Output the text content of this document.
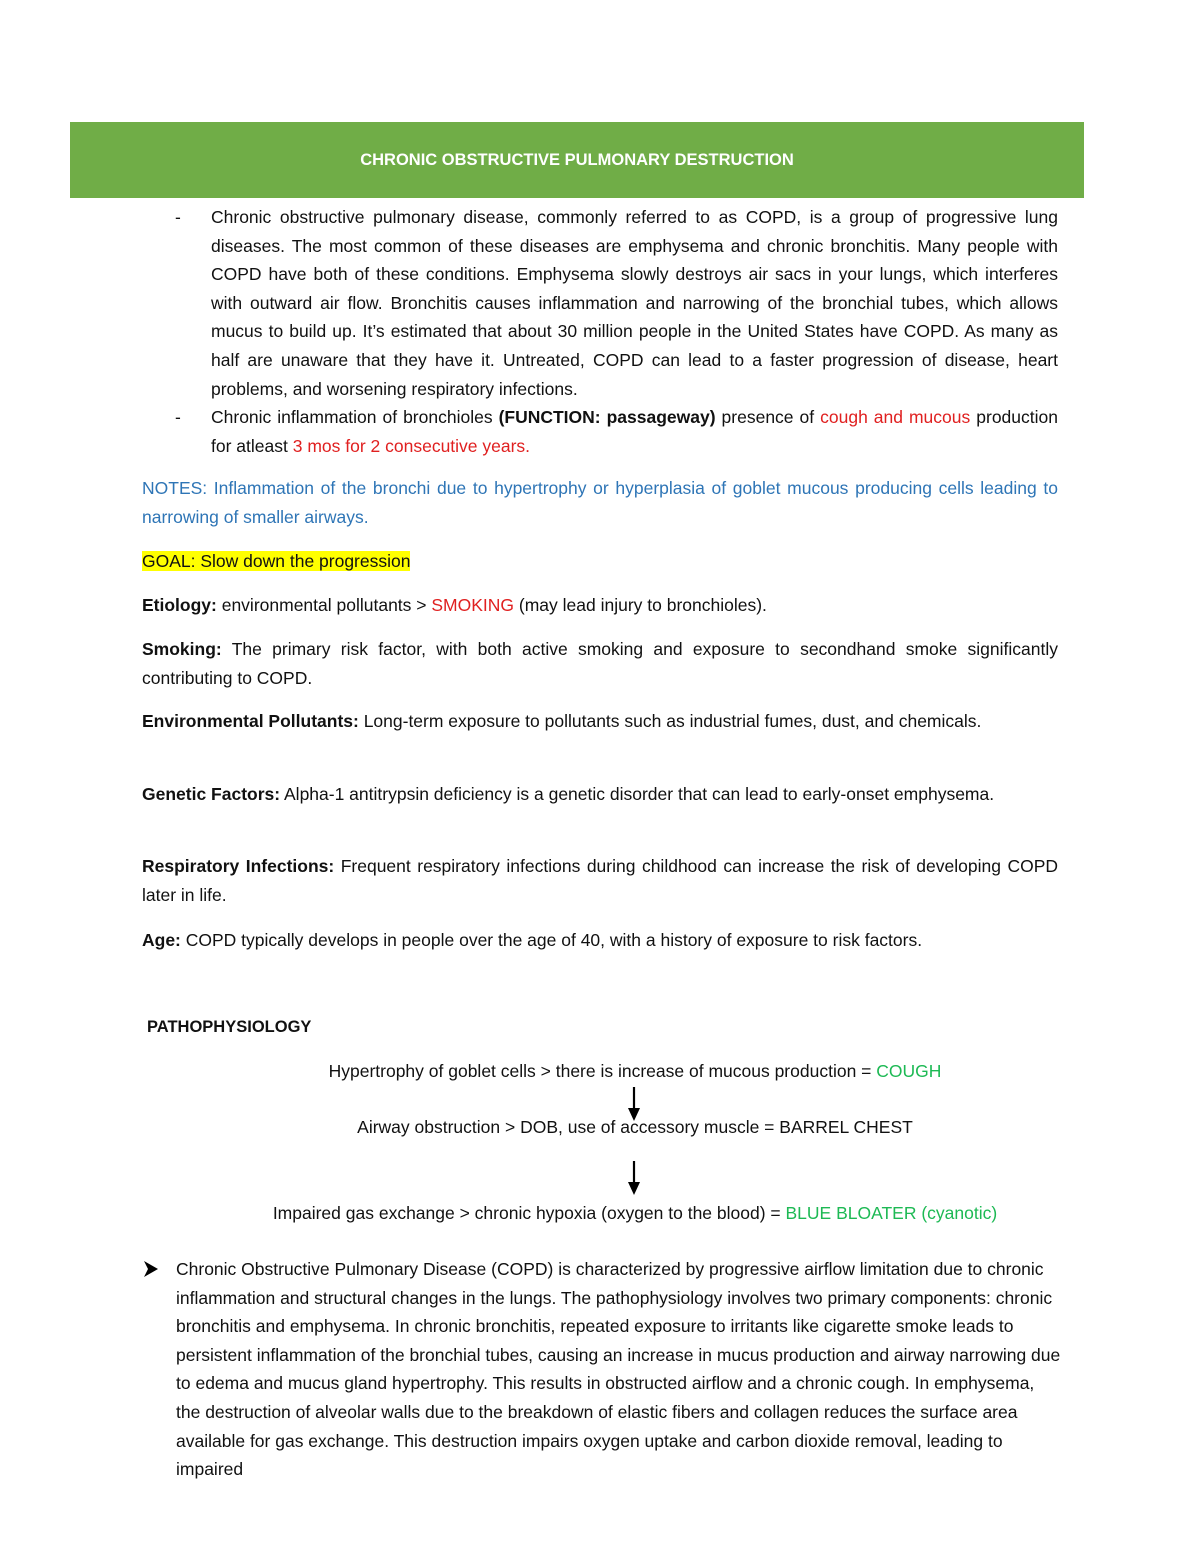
CHRONIC OBSTRUCTIVE PULMONARY DESTRUCTION
- Chronic obstructive pulmonary disease, commonly referred to as COPD, is a group of progressive lung diseases. The most common of these diseases are emphysema and chronic bronchitis. Many people with COPD have both of these conditions. Emphysema slowly destroys air sacs in your lungs, which interferes with outward air flow. Bronchitis causes inflammation and narrowing of the bronchial tubes, which allows mucus to build up. It’s estimated that about 30 million people in the United States have COPD. As many as half are unaware that they have it. Untreated, COPD can lead to a faster progression of disease, heart problems, and worsening respiratory infections.
- Chronic inflammation of bronchioles (FUNCTION: passageway) presence of cough and mucous production for atleast 3 mos for 2 consecutive years.

NOTES: Inflammation of the bronchi due to hypertrophy or hyperplasia of goblet mucous producing cells leading to narrowing of smaller airways.

GOAL: Slow down the progression

Etiology: environmental pollutants > SMOKING (may lead injury to bronchioles).

Smoking: The primary risk factor, with both active smoking and exposure to secondhand smoke significantly contributing to COPD.

Environmental Pollutants: Long-term exposure to pollutants such as industrial fumes, dust, and chemicals.

Genetic Factors: Alpha-1 antitrypsin deficiency is a genetic disorder that can lead to early-onset emphysema.

Respiratory Infections: Frequent respiratory infections during childhood can increase the risk of developing COPD later in life.

Age: COPD typically develops in people over the age of 40, with a history of exposure to risk factors.

PATHOPHYSIOLOGY

Hypertrophy of goblet cells > there is increase of mucous production = COUGH

Airway obstruction > DOB, use of accessory muscle = BARREL CHEST

Impaired gas exchange > chronic hypoxia (oxygen to the blood) = BLUE BLOATER (cyanotic)

Chronic Obstructive Pulmonary Disease (COPD) is characterized by progressive airflow limitation due to chronic inflammation and structural changes in the lungs. The pathophysiology involves two primary components: chronic bronchitis and emphysema. In chronic bronchitis, repeated exposure to irritants like cigarette smoke leads to persistent inflammation of the bronchial tubes, causing an increase in mucus production and airway narrowing due to edema and mucus gland hypertrophy. This results in obstructed airflow and a chronic cough. In emphysema, the destruction of alveolar walls due to the breakdown of elastic fibers and collagen reduces the surface area available for gas exchange. This destruction impairs oxygen uptake and carbon dioxide removal, leading to impaired
